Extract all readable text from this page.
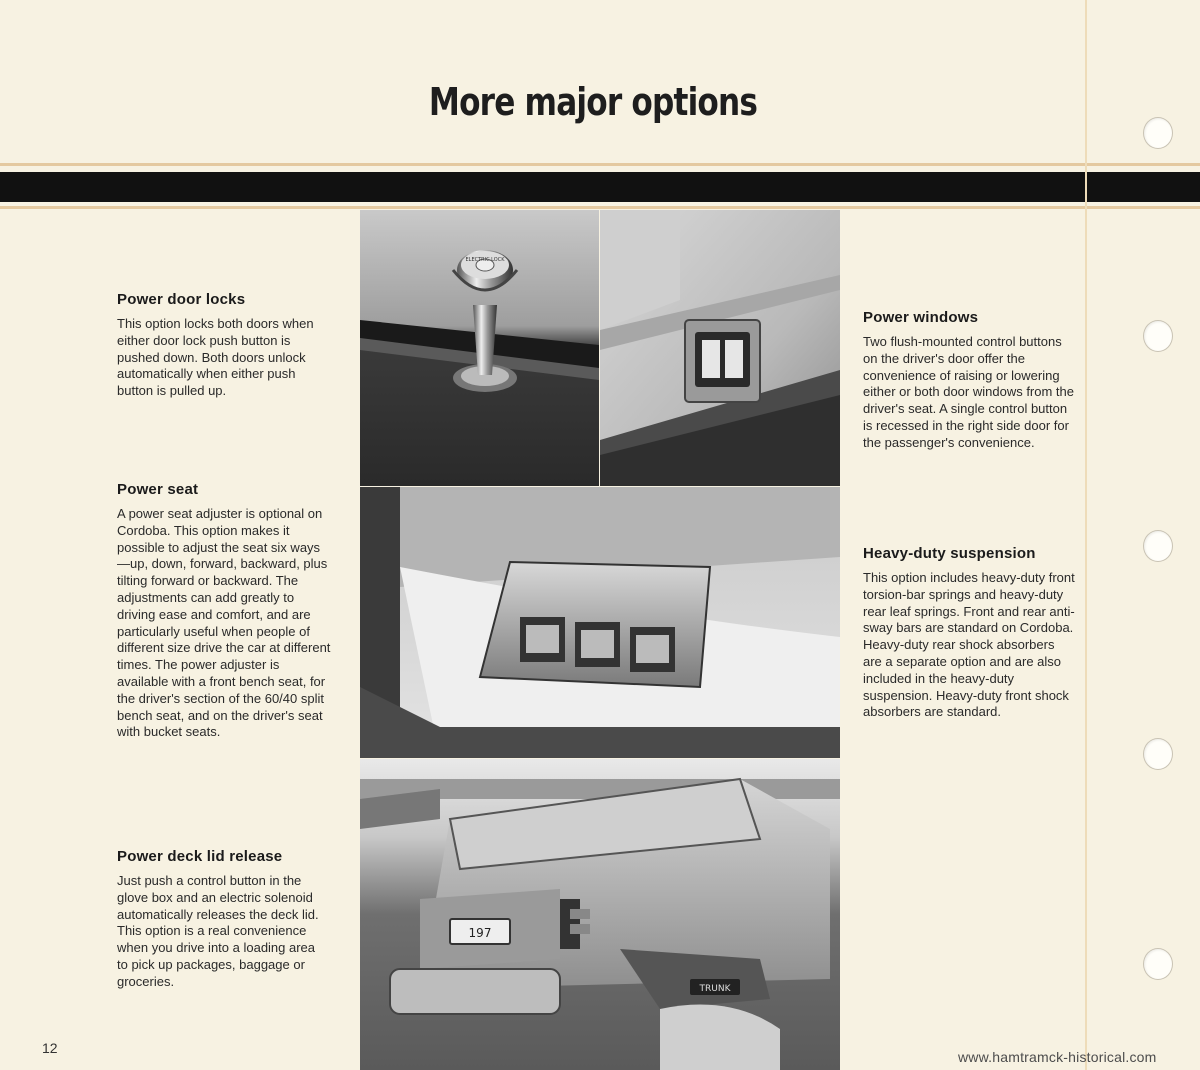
More major options
Power door locks

This option locks both doors when either door lock push button is pushed down. Both doors unlock automatically when either push button is pulled up.

Power seat

A power seat adjuster is optional on Cordoba. This option makes it possible to adjust the seat six ways—up, down, forward, backward, plus tilting forward or backward. The adjustments can add greatly to driving ease and comfort, and are particularly useful when people of different size drive the car at different times. The power adjuster is available with a front bench seat, for the driver's section of the 60/40 split bench seat, and on the driver's seat with bucket seats.

Power deck lid release

Just push a control button in the glove box and an electric solenoid automatically releases the deck lid. This option is a real convenience when you drive into a loading area to pick up packages, baggage or groceries.

Power windows

Two flush-mounted control buttons on the driver's door offer the convenience of raising or lowering either or both door windows from the driver's seat. A single control button is recessed in the right side door for the passenger's convenience.

Heavy-duty suspension

This option includes heavy-duty front torsion-bar springs and heavy-duty rear leaf springs. Front and rear anti-sway bars are standard on Cordoba. Heavy-duty rear shock absorbers are a separate option and are also included in the heavy-duty suspension. Heavy-duty front shock absorbers are standard.

ELECTRIC LOCK
197
TRUNK
12
www.hamtramck-historical.com
